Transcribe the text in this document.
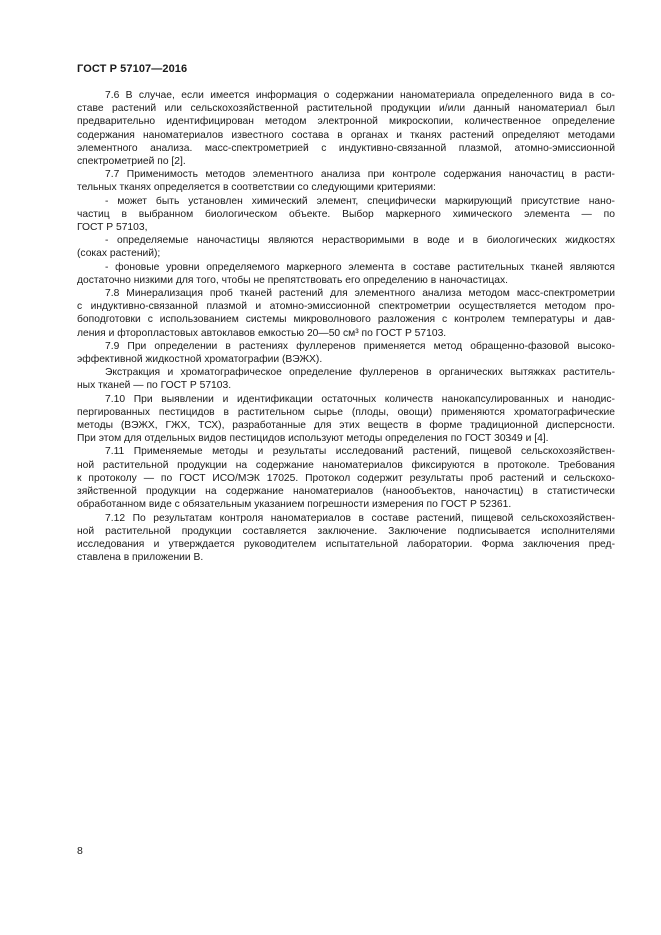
ГОСТ Р 57107—2016
7.6 В случае, если имеется информация о содержании наноматериала определенного вида в со-
ставе растений или сельскохозяйственной растительной продукции и/или данный наноматериал был
предварительно идентифицирован методом электронной микроскопии, количественное определение
содержания наноматериалов известного состава в органах и тканях растений определяют методами
элементного анализа. масс-спектрометрией с индуктивно-связанной плазмой, атомно-эмиссионной
спектрометрией по [2].
7.7 Применимость методов элементного анализа при контроле содержания наночастиц в расти-
тельных тканях определяется в соответствии со следующими критериями:
- может быть установлен химический элемент, специфически маркирующий присутствие нано-
частиц в выбранном биологическом объекте. Выбор маркерного химического элемента — по
ГОСТ Р 57103,
- определяемые наночастицы являются нерастворимыми в воде и в биологических жидкостях
(соках растений);
- фоновые уровни определяемого маркерного элемента в составе растительных тканей являются
достаточно низкими для того, чтобы не препятствовать его определению в наночастицах.
7.8 Минерализация проб тканей растений для элементного анализа методом масс-спектрометрии
с индуктивно-связанной плазмой и атомно-эмиссионной спектрометрии осуществляется методом про-
боподготовки с использованием системы микроволнового разложения с контролем температуры и дав-
ления и фторопластовых автоклавов емкостью 20—50 см³ по ГОСТ Р 57103.
7.9 При определении в растениях фуллеренов применяется метод обращенно-фазовой высоко-
эффективной жидкостной хроматографии (ВЭЖХ).
Экстракция и хроматографическое определение фуллеренов в органических вытяжках раститель-
ных тканей — по ГОСТ Р 57103.
7.10 При выявлении и идентификации остаточных количеств нанокапсулированных и нанодис-
пергированных пестицидов в растительном сырье (плоды, овощи) применяются хроматографические
методы (ВЭЖХ, ГЖХ, ТСХ), разработанные для этих веществ в форме традиционной дисперсности.
При этом для отдельных видов пестицидов используют методы определения по ГОСТ 30349 и [4].
7.11 Применяемые методы и результаты исследований растений, пищевой сельскохозяйствен-
ной растительной продукции на содержание наноматериалов фиксируются в протоколе. Требования
к протоколу — по ГОСТ ИСО/МЭК 17025. Протокол содержит результаты проб растений и сельскохо-
зяйственной продукции на содержание наноматериалов (нанообъектов, наночастиц) в статистически
обработанном виде с обязательным указанием погрешности измерения по ГОСТ Р 52361.
7.12 По результатам контроля наноматериалов в составе растений, пищевой сельскохозяйствен-
ной растительной продукции составляется заключение. Заключение подписывается исполнителями
исследования и утверждается руководителем испытательной лаборатории. Форма заключения пред-
ставлена в приложении В.
8
